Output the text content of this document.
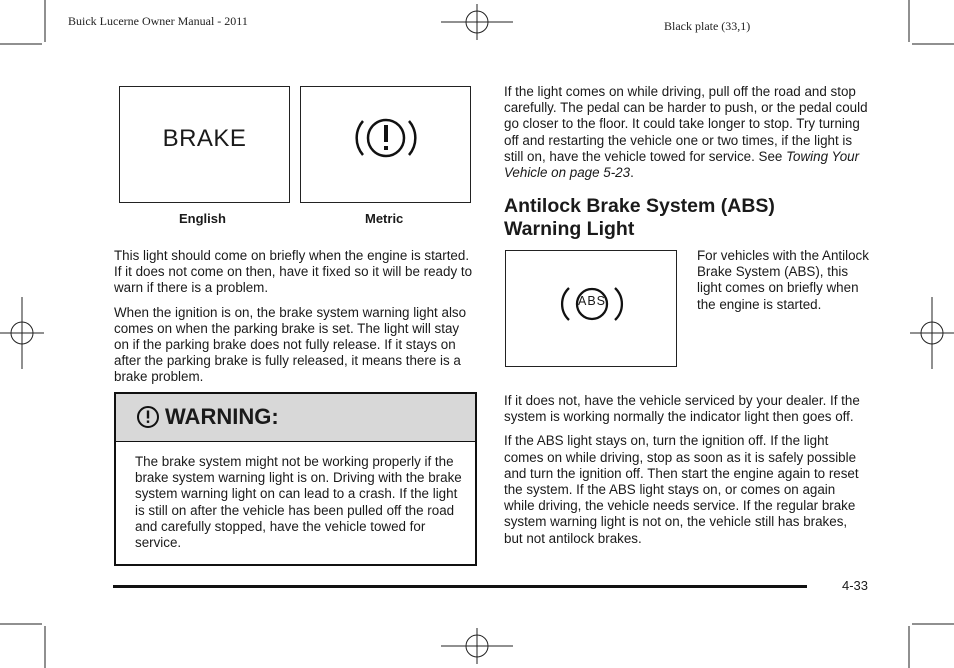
Buick Lucerne Owner Manual - 2011	Black plate (33,1)
BRAKE
English	Metric

This light should come on briefly when the engine is started. If it does not come on then, have it fixed so it will be ready to warn if there is a problem.

When the ignition is on, the brake system warning light also comes on when the parking brake is set. The light will stay on if the parking brake does not fully release. If it stays on after the parking brake is fully released, it means there is a brake problem.

WARNING:
The brake system might not be working properly if the brake system warning light is on. Driving with the brake system warning light on can lead to a crash. If the light is still on after the vehicle has been pulled off the road and carefully stopped, have the vehicle towed for service.
If the light comes on while driving, pull off the road and stop carefully. The pedal can be harder to push, or the pedal could go closer to the floor. It could take longer to stop. Try turning off and restarting the vehicle one or two times, if the light is still on, have the vehicle towed for service. See Towing Your Vehicle on page 5-23.
Antilock Brake System (ABS)
Warning Light
ABS
For vehicles with the Antilock Brake System (ABS), this light comes on briefly when the engine is started.

If it does not, have the vehicle serviced by your dealer. If the system is working normally the indicator light then goes off.

If the ABS light stays on, turn the ignition off. If the light comes on while driving, stop as soon as it is safely possible and turn the ignition off. Then start the engine again to reset the system. If the ABS light stays on, or comes on again while driving, the vehicle needs service. If the regular brake system warning light is not on, the vehicle still has brakes, but not antilock brakes.

4-33
